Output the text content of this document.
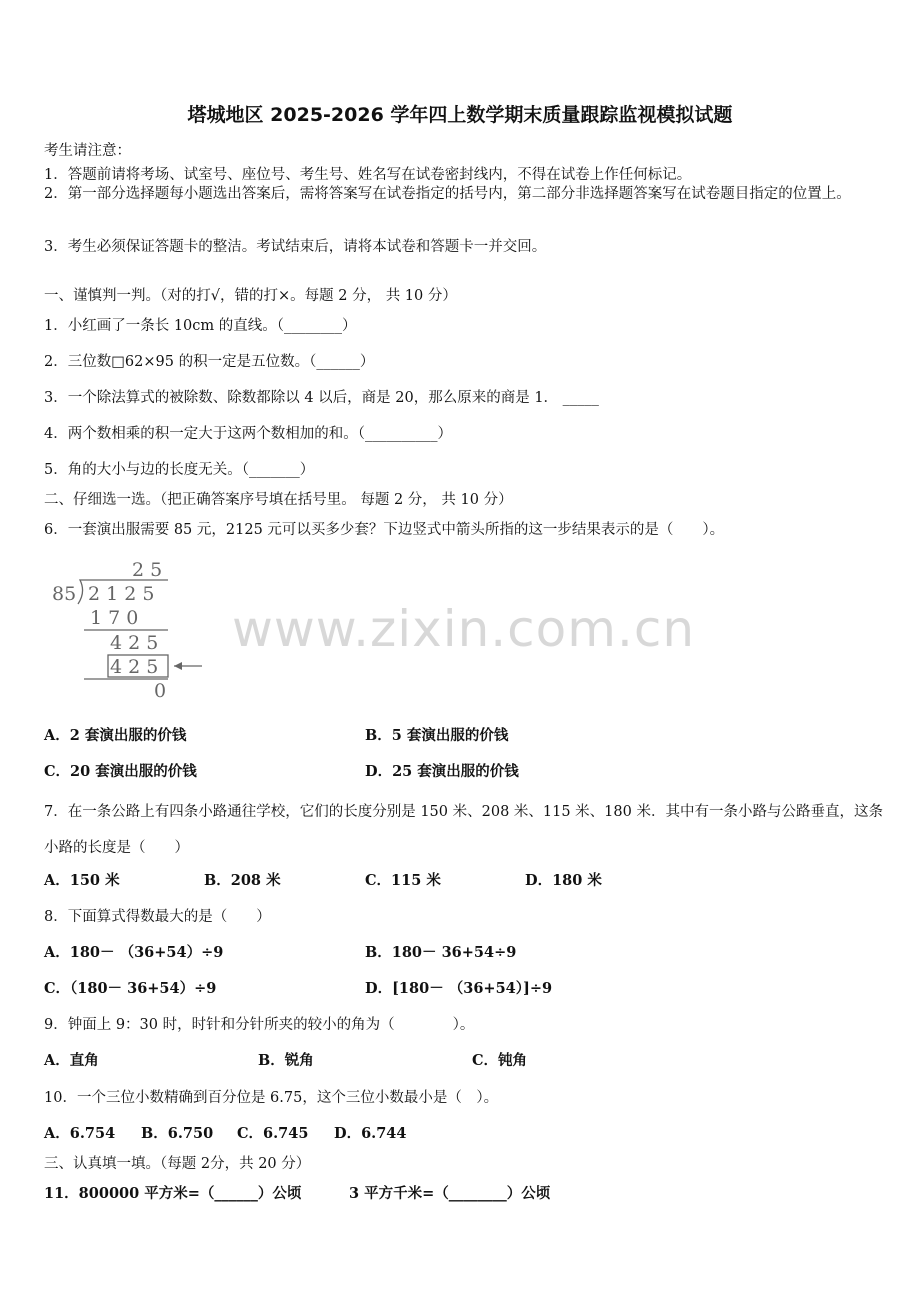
塔城地区 2025-2026 学年四上数学期末质量跟踪监视模拟试题
考生请注意：
1．答题前请将考场、试室号、座位号、考生号、姓名写在试卷密封线内，不得在试卷上作任何标记。
2．第一部分选择题每小题选出答案后，需将答案写在试卷指定的括号内，第二部分非选择题答案写在试卷题目指定的位置上。
3．考生必须保证答题卡的整洁。考试结束后，请将本试卷和答题卡一并交回。
一、谨慎判一判。（对的打√，错的打×。每题 2 分， 共 10 分）
1．小红画了一条长 10cm 的直线。（________）
2．三位数□62×95 的积一定是五位数。（______）
3．一个除法算式的被除数、除数都除以 4 以后，商是 20，那么原来的商是 1． _____
4．两个数相乘的积一定大于这两个数相加的和。（__________）
5．角的大小与边的长度无关。（_______）
二、仔细选一选。（把正确答案序号填在括号里。 每题 2 分， 共 10 分）
6．一套演出服需要 85 元，2125 元可以买多少套？下边竖式中箭头所指的这一步结果表示的是（　　）。
2 5
85 2 1 2 5
1 7 0
4 2 5
4 2 5
0
www.zixin.com.cn
A．2 套演出服的价钱	B．5 套演出服的价钱
C．20 套演出服的价钱	D．25 套演出服的价钱
7．在一条公路上有四条小路通往学校，它们的长度分别是 150 米、208 米、115 米、180 米．其中有一条小路与公路垂直，这条小路的长度是（　　）
A．150 米	B．208 米	C．115 米	D．180 米
8．下面算式得数最大的是（　　）
A．180－ （36+54）÷9	B．180－ 36+54÷9
C．（180－ 36+54）÷9	D．[180－ （36+54）]÷9
9．钟面上 9：30 时，时针和分针所夹的较小的角为（　　　　）。
A．直角	B．锐角	C．钝角
10．一个三位小数精确到百分位是 6.75，这个三位小数最小是（　）。
A．6.754 B．6.750 C．6.745 D．6.744
三、认真填一填。（每题 2分，共 20 分）
11．800000 平方米=（______）公顷	3 平方千米=（________）公顷
